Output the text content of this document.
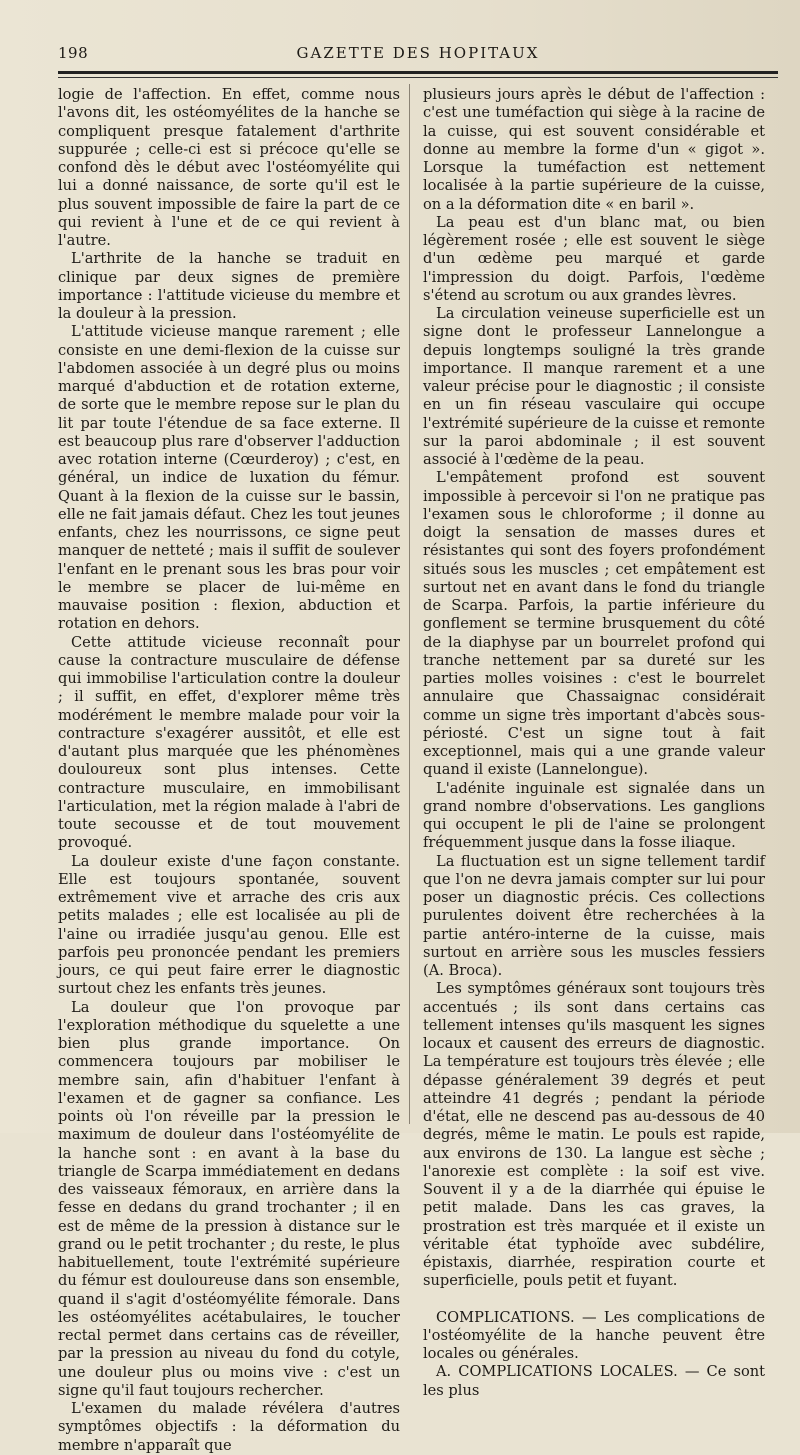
198	GAZETTE DES HOPITAUX

logie de l'affection. En effet, comme nous l'avons dit, les ostéomyélites de la hanche se compliquent presque fatalement d'arthrite suppurée ; celle-ci est si précoce qu'elle se confond dès le début avec l'ostéomyélite qui lui a donné naissance, de sorte qu'il est le plus souvent impossible de faire la part de ce qui revient à l'une et de ce qui revient à l'autre.

L'arthrite de la hanche se traduit en clinique par deux signes de première importance : l'attitude vicieuse du membre et la douleur à la pression.

L'attitude vicieuse manque rarement ; elle consiste en une demi-flexion de la cuisse sur l'abdomen associée à un degré plus ou moins marqué d'abduction et de rotation externe, de sorte que le membre repose sur le plan du lit par toute l'étendue de sa face externe. Il est beaucoup plus rare d'observer l'adduction avec rotation interne (Cœurderoy) ; c'est, en général, un indice de luxation du fémur. Quant à la flexion de la cuisse sur le bassin, elle ne fait jamais défaut. Chez les tout jeunes enfants, chez les nourrissons, ce signe peut manquer de netteté ; mais il suffit de soulever l'enfant en le prenant sous les bras pour voir le membre se placer de lui-même en mauvaise position : flexion, abduction et rotation en dehors.

Cette attitude vicieuse reconnaît pour cause la contracture musculaire de défense qui immobilise l'articulation contre la douleur ; il suffit, en effet, d'explorer même très modérément le membre malade pour voir la contracture s'exagérer aussitôt, et elle est d'autant plus marquée que les phénomènes douloureux sont plus intenses. Cette contracture musculaire, en immobilisant l'articulation, met la région malade à l'abri de toute secousse et de tout mouvement provoqué.

La douleur existe d'une façon constante. Elle est toujours spontanée, souvent extrêmement vive et arrache des cris aux petits malades ; elle est localisée au pli de l'aine ou irradiée jusqu'au genou. Elle est parfois peu prononcée pendant les premiers jours, ce qui peut faire errer le diagnostic surtout chez les enfants très jeunes.

La douleur que l'on provoque par l'exploration méthodique du squelette a une bien plus grande importance. On commencera toujours par mobiliser le membre sain, afin d'habituer l'enfant à l'examen et de gagner sa confiance. Les points où l'on réveille par la pression le maximum de douleur dans l'ostéomyélite de la hanche sont : en avant à la base du triangle de Scarpa immédiatement en dedans des vaisseaux fémoraux, en arrière dans la fesse en dedans du grand trochanter ; il en est de même de la pression à distance sur le grand ou le petit trochanter ; du reste, le plus habituellement, toute l'extrémité supérieure du fémur est douloureuse dans son ensemble, quand il s'agit d'ostéomyélite fémorale. Dans les ostéomyélites acétabulaires, le toucher rectal permet dans certains cas de réveiller, par la pression au niveau du fond du cotyle, une douleur plus ou moins vive : c'est un signe qu'il faut toujours rechercher.

L'examen du malade révélera d'autres symptômes objectifs : la déformation du membre n'apparaît que

plusieurs jours après le début de l'affection : c'est une tuméfaction qui siège à la racine de la cuisse, qui est souvent considérable et donne au membre la forme d'un « gigot ». Lorsque la tuméfaction est nettement localisée à la partie supérieure de la cuisse, on a la déformation dite « en baril ».

La peau est d'un blanc mat, ou bien légèrement rosée ; elle est souvent le siège d'un œdème peu marqué et garde l'impression du doigt. Parfois, l'œdème s'étend au scrotum ou aux grandes lèvres.

La circulation veineuse superficielle est un signe dont le professeur Lannelongue a depuis longtemps souligné la très grande importance. Il manque rarement et a une valeur précise pour le diagnostic ; il consiste en un fin réseau vasculaire qui occupe l'extrémité supérieure de la cuisse et remonte sur la paroi abdominale ; il est souvent associé à l'œdème de la peau.

L'empâtement profond est souvent impossible à percevoir si l'on ne pratique pas l'examen sous le chloroforme ; il donne au doigt la sensation de masses dures et résistantes qui sont des foyers profondément situés sous les muscles ; cet empâtement est surtout net en avant dans le fond du triangle de Scarpa. Parfois, la partie inférieure du gonflement se termine brusquement du côté de la diaphyse par un bourrelet profond qui tranche nettement par sa dureté sur les parties molles voisines : c'est le bourrelet annulaire que Chassaignac considérait comme un signe très important d'abcès sous-périosté. C'est un signe tout à fait exceptionnel, mais qui a une grande valeur quand il existe (Lannelongue).

L'adénite inguinale est signalée dans un grand nombre d'observations. Les ganglions qui occupent le pli de l'aine se prolongent fréquemment jusque dans la fosse iliaque.

La fluctuation est un signe tellement tardif que l'on ne devra jamais compter sur lui pour poser un diagnostic précis. Ces collections purulentes doivent être recherchées à la partie antéro-interne de la cuisse, mais surtout en arrière sous les muscles fessiers (A. Broca).

Les symptômes généraux sont toujours très accentués ; ils sont dans certains cas tellement intenses qu'ils masquent les signes locaux et causent des erreurs de diagnostic. La température est toujours très élevée ; elle dépasse généralement 39 degrés et peut atteindre 41 degrés ; pendant la période d'état, elle ne descend pas au-dessous de 40 degrés, même le matin. Le pouls est rapide, aux environs de 130. La langue est sèche ; l'anorexie est complète : la soif est vive. Souvent il y a de la diarrhée qui épuise le petit malade. Dans les cas graves, la prostration est très marquée et il existe un véritable état typhoïde avec subdélire, épistaxis, diarrhée, respiration courte et superficielle, pouls petit et fuyant.

COMPLICATIONS. — Les complications de l'ostéomyélite de la hanche peuvent être locales ou générales.

A. COMPLICATIONS LOCALES. — Ce sont les plus
